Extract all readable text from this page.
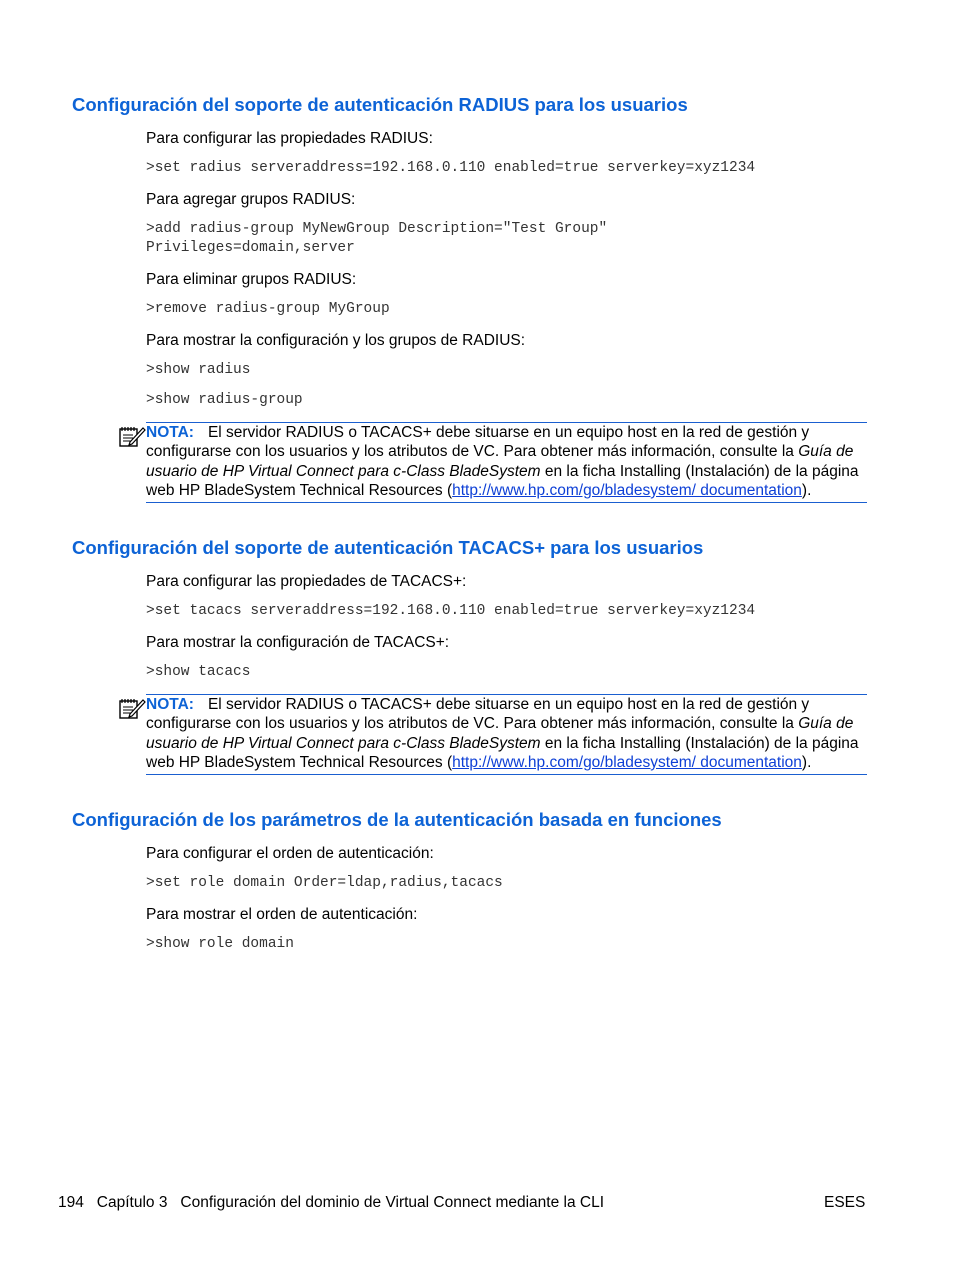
Configuración del soporte de autenticación RADIUS para los usuarios
Para configurar las propiedades RADIUS:
>set radius serveraddress=192.168.0.110 enabled=true serverkey=xyz1234
Para agregar grupos RADIUS:
>add radius-group MyNewGroup Description="Test Group"
Privileges=domain,server
Para eliminar grupos RADIUS:
>remove radius-group MyGroup
Para mostrar la configuración y los grupos de RADIUS:
>show radius
>show radius-group
NOTA: El servidor RADIUS o TACACS+ debe situarse en un equipo host en la red de gestión y configurarse con los usuarios y los atributos de VC. Para obtener más información, consulte la Guía de usuario de HP Virtual Connect para c-Class BladeSystem en la ficha Installing (Instalación) de la página web HP BladeSystem Technical Resources (http://www.hp.com/go/bladesystem/ documentation).
Configuración del soporte de autenticación TACACS+ para los usuarios
Para configurar las propiedades de TACACS+:
>set tacacs serveraddress=192.168.0.110 enabled=true serverkey=xyz1234
Para mostrar la configuración de TACACS+:
>show tacacs
NOTA: El servidor RADIUS o TACACS+ debe situarse en un equipo host en la red de gestión y configurarse con los usuarios y los atributos de VC. Para obtener más información, consulte la Guía de usuario de HP Virtual Connect para c-Class BladeSystem en la ficha Installing (Instalación) de la página web HP BladeSystem Technical Resources (http://www.hp.com/go/bladesystem/ documentation).
Configuración de los parámetros de la autenticación basada en funciones
Para configurar el orden de autenticación:
>set role domain Order=ldap,radius,tacacs
Para mostrar el orden de autenticación:
>show role domain
194 Capítulo 3 Configuración del dominio de Virtual Connect mediante la CLI	ESES
